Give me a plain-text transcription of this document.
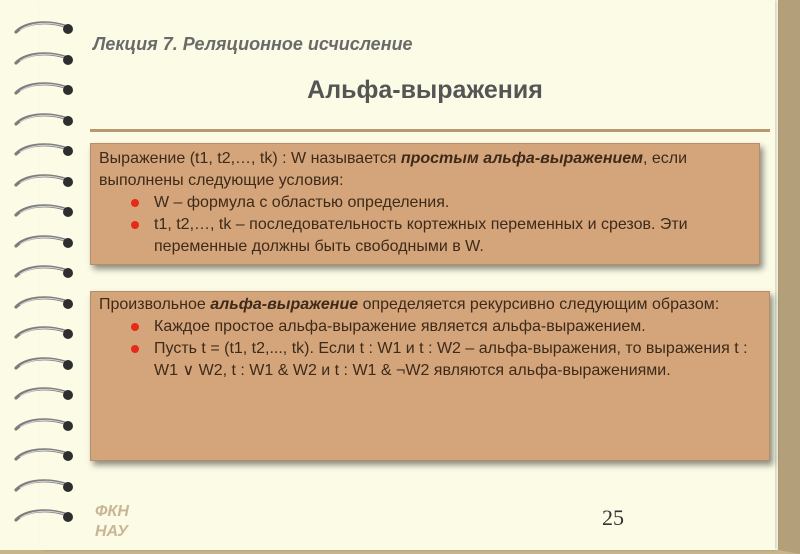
Лекция 7. Реляционное исчисление
Альфа-выражения

Выражение (t1, t2,…, tk) : W называется простым альфа-выражением, если выполнены следующие условия:

W – формула с областью определения.
t1, t2,…, tk – последовательность кортежных переменных и срезов. Эти переменные должны быть свободными в W.

Произвольное альфа-выражение определяется рекурсивно следующим образом:

Каждое простое альфа-выражение является альфа-выражением.
Пусть t = (t1, t2,..., tk). Если t : W1 и t : W2 – альфа-выражения, то выражения t : W1 ∨ W2, t : W1 & W2 и t : W1 & ¬W2 являются альфа-выражениями.
ФКН
НАУ
25
